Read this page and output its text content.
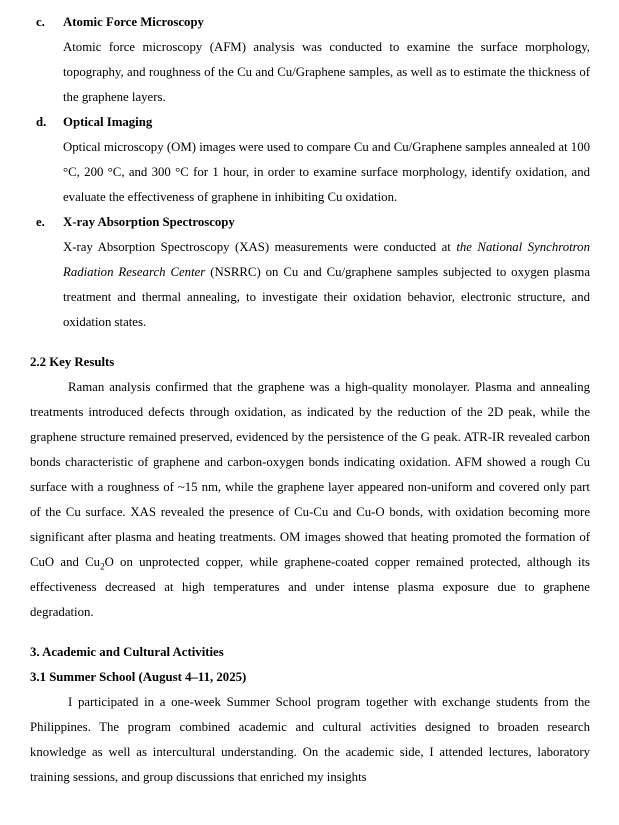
c. Atomic Force Microscopy

Atomic force microscopy (AFM) analysis was conducted to examine the surface morphology, topography, and roughness of the Cu and Cu/Graphene samples, as well as to estimate the thickness of the graphene layers.

d. Optical Imaging

Optical microscopy (OM) images were used to compare Cu and Cu/Graphene samples annealed at 100 °C, 200 °C, and 300 °C for 1 hour, in order to examine surface morphology, identify oxidation, and evaluate the effectiveness of graphene in inhibiting Cu oxidation.

e. X-ray Absorption Spectroscopy

X-ray Absorption Spectroscopy (XAS) measurements were conducted at the National Synchrotron Radiation Research Center (NSRRC) on Cu and Cu/graphene samples subjected to oxygen plasma treatment and thermal annealing, to investigate their oxidation behavior, electronic structure, and oxidation states.

2.2 Key Results

Raman analysis confirmed that the graphene was a high-quality monolayer. Plasma and annealing treatments introduced defects through oxidation, as indicated by the reduction of the 2D peak, while the graphene structure remained preserved, evidenced by the persistence of the G peak. ATR-IR revealed carbon bonds characteristic of graphene and carbon-oxygen bonds indicating oxidation. AFM showed a rough Cu surface with a roughness of ~15 nm, while the graphene layer appeared non-uniform and covered only part of the Cu surface. XAS revealed the presence of Cu-Cu and Cu-O bonds, with oxidation becoming more significant after plasma and heating treatments. OM images showed that heating promoted the formation of CuO and $Cu_2O$ on unprotected copper, while graphene-coated copper remained protected, although its effectiveness decreased at high temperatures and under intense plasma exposure due to graphene degradation.

3. Academic and Cultural Activities

3.1 Summer School (August 4–11, 2025)

I participated in a one-week Summer School program together with exchange students from the Philippines. The program combined academic and cultural activities designed to broaden research knowledge as well as intercultural understanding. On the academic side, I attended lectures, laboratory training sessions, and group discussions that enriched my insights
